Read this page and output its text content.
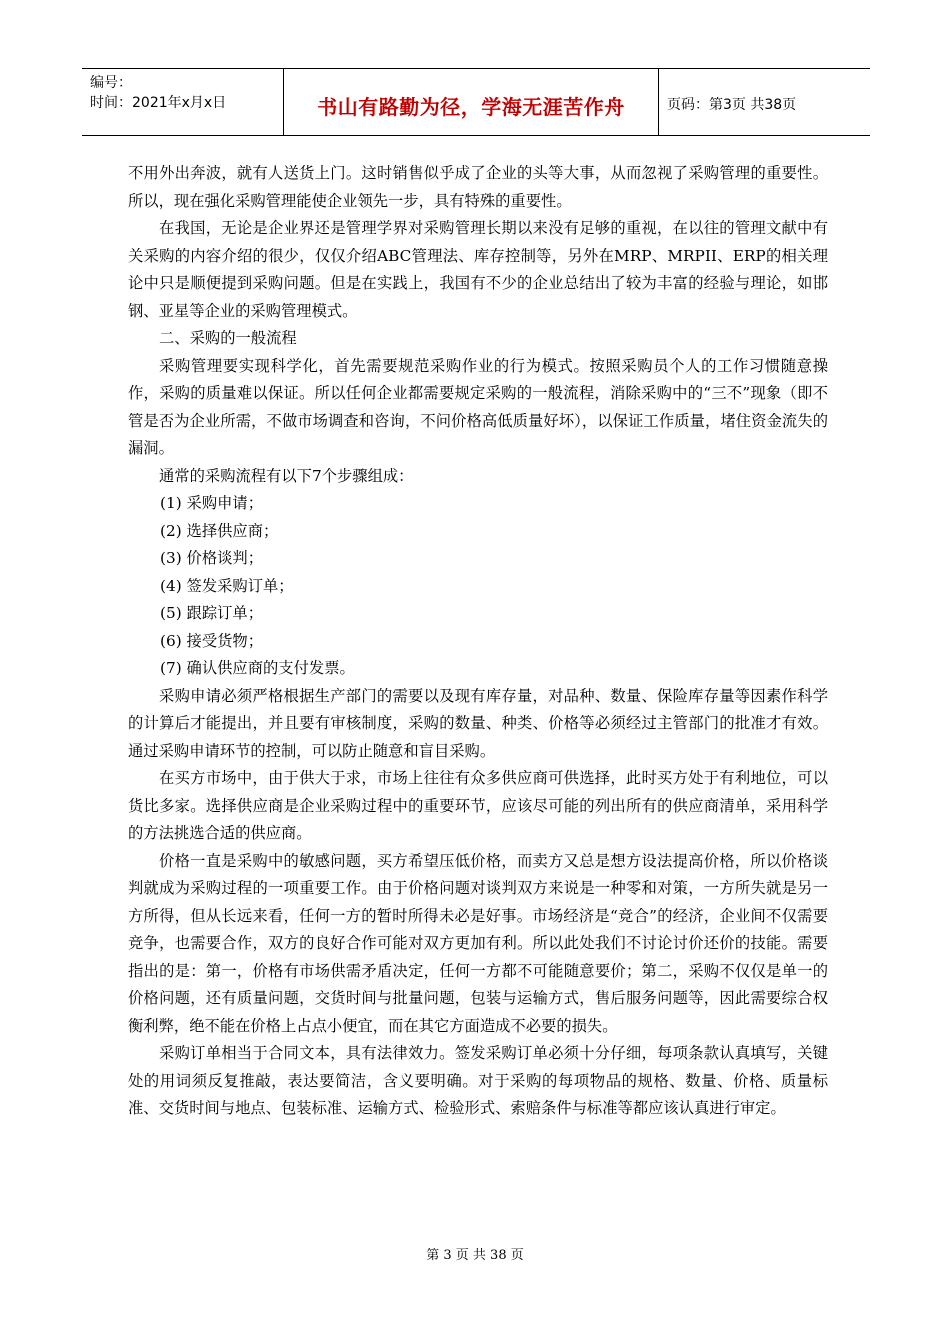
编号：
时间：2021年x月x日	书山有路勤为径，学海无涯苦作舟	页码：第3页 共38页

不用外出奔波，就有人送货上门。这时销售似乎成了企业的头等大事，从而忽视了采购管理的重要性。所以，现在强化采购管理能使企业领先一步，具有特殊的重要性。

在我国，无论是企业界还是管理学界对采购管理长期以来没有足够的重视，在以往的管理文献中有关采购的内容介绍的很少，仅仅介绍ABC管理法、库存控制等，另外在MRP、MRPII、ERP的相关理论中只是顺便提到采购问题。但是在实践上，我国有不少的企业总结出了较为丰富的经验与理论，如邯钢、亚星等企业的采购管理模式。

二、采购的一般流程

采购管理要实现科学化，首先需要规范采购作业的行为模式。按照采购员个人的工作习惯随意操作，采购的质量难以保证。所以任何企业都需要规定采购的一般流程，消除采购中的“三不”现象（即不管是否为企业所需，不做市场调查和咨询，不问价格高低质量好坏），以保证工作质量，堵住资金流失的漏洞。

通常的采购流程有以下7个步骤组成：

(1) 采购申请；

(2) 选择供应商；

(3) 价格谈判；

(4) 签发采购订单；

(5) 跟踪订单；

(6) 接受货物；

(7) 确认供应商的支付发票。

采购申请必须严格根据生产部门的需要以及现有库存量，对品种、数量、保险库存量等因素作科学的计算后才能提出，并且要有审核制度，采购的数量、种类、价格等必须经过主管部门的批准才有效。通过采购申请环节的控制，可以防止随意和盲目采购。

在买方市场中，由于供大于求，市场上往往有众多供应商可供选择，此时买方处于有利地位，可以货比多家。选择供应商是企业采购过程中的重要环节，应该尽可能的列出所有的供应商清单，采用科学的方法挑选合适的供应商。

价格一直是采购中的敏感问题，买方希望压低价格，而卖方又总是想方设法提高价格，所以价格谈判就成为采购过程的一项重要工作。由于价格问题对谈判双方来说是一种零和对策，一方所失就是另一方所得，但从长远来看，任何一方的暂时所得未必是好事。市场经济是“竞合”的经济，企业间不仅需要竞争，也需要合作，双方的良好合作可能对双方更加有利。所以此处我们不讨论讨价还价的技能。需要指出的是：第一，价格有市场供需矛盾决定，任何一方都不可能随意要价；第二，采购不仅仅是单一的价格问题，还有质量问题，交货时间与批量问题，包装与运输方式，售后服务问题等，因此需要综合权衡利弊，绝不能在价格上占点小便宜，而在其它方面造成不必要的损失。

采购订单相当于合同文本，具有法律效力。签发采购订单必须十分仔细，每项条款认真填写，关键处的用词须反复推敲，表达要简洁，含义要明确。对于采购的每项物品的规格、数量、价格、质量标准、交货时间与地点、包装标准、运输方式、检验形式、索赔条件与标准等都应该认真进行审定。

第 3 页 共 38 页
